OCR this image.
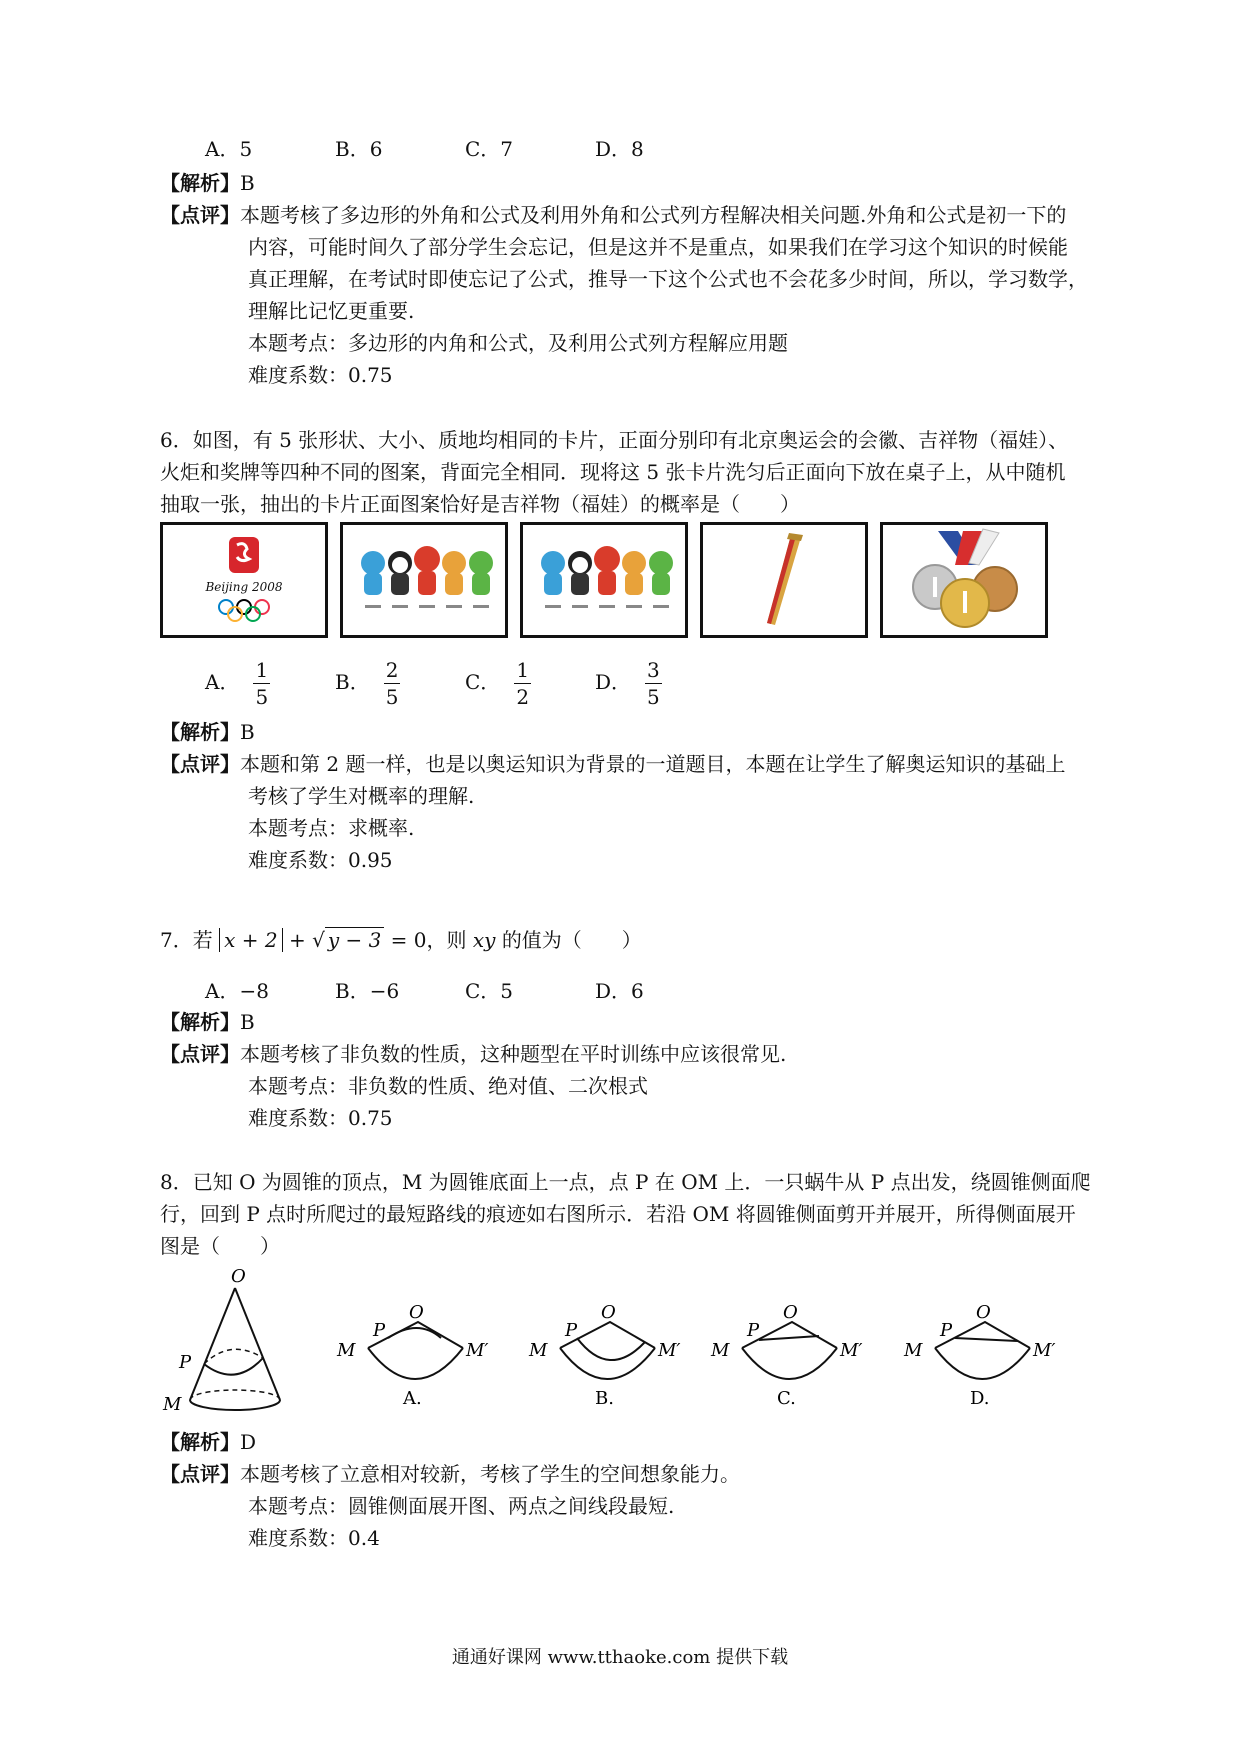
A．5	B．6	C．7	D．8
【解析】B
【点评】本题考核了多边形的外角和公式及利用外角和公式列方程解决相关问题.外角和公式是初一下的
内容，可能时间久了部分学生会忘记，但是这并不是重点，如果我们在学习这个知识的时候能
真正理解，在考试时即使忘记了公式，推导一下这个公式也不会花多少时间，所以，学习数学，
理解比记忆更重要.
本题考点：多边形的内角和公式，及利用公式列方程解应用题
难度系数：0.75
6．如图，有 5 张形状、大小、质地均相同的卡片，正面分别印有北京奥运会的会徽、吉祥物（福娃）、
火炬和奖牌等四种不同的图案，背面完全相同．现将这 5 张卡片洗匀后正面向下放在桌子上，从中随机
抽取一张，抽出的卡片正面图案恰好是吉祥物（福娃）的概率是（　　）
Beijing 2008
A． $\frac{1}{5}$	B． $\frac{2}{5}$	C． $\frac{1}{2}$	D． $\frac{3}{5}$
【解析】B
【点评】本题和第 2 题一样，也是以奥运知识为背景的一道题目，本题在让学生了解奥运知识的基础上
考核了学生对概率的理解.
本题考点：求概率.
难度系数：0.95
7．若 x + 2 + √ y − 3 = 0，则 xy 的值为（　　）
A．−8	B．−6	C．5	D．6
【解析】B
【点评】本题考核了非负数的性质，这种题型在平时训练中应该很常见.
本题考点：非负数的性质、绝对值、二次根式
难度系数：0.75
8．已知 O 为圆锥的顶点，M 为圆锥底面上一点，点 P 在 OM 上．一只蜗牛从 P 点出发，绕圆锥侧面爬
行，回到 P 点时所爬过的最短路线的痕迹如右图所示．若沿 OM 将圆锥侧面剪开并展开，所得侧面展开
图是（　　）
O
P
M
O
P
M	M′
A.
O
P
M	M′
B.
O
P
M	M′
C.
O
P
M	M′
D.
【解析】D
【点评】本题考核了立意相对较新，考核了学生的空间想象能力。
本题考点：圆锥侧面展开图、两点之间线段最短.
难度系数：0.4
通通好课网 www.tthaoke.com 提供下载
